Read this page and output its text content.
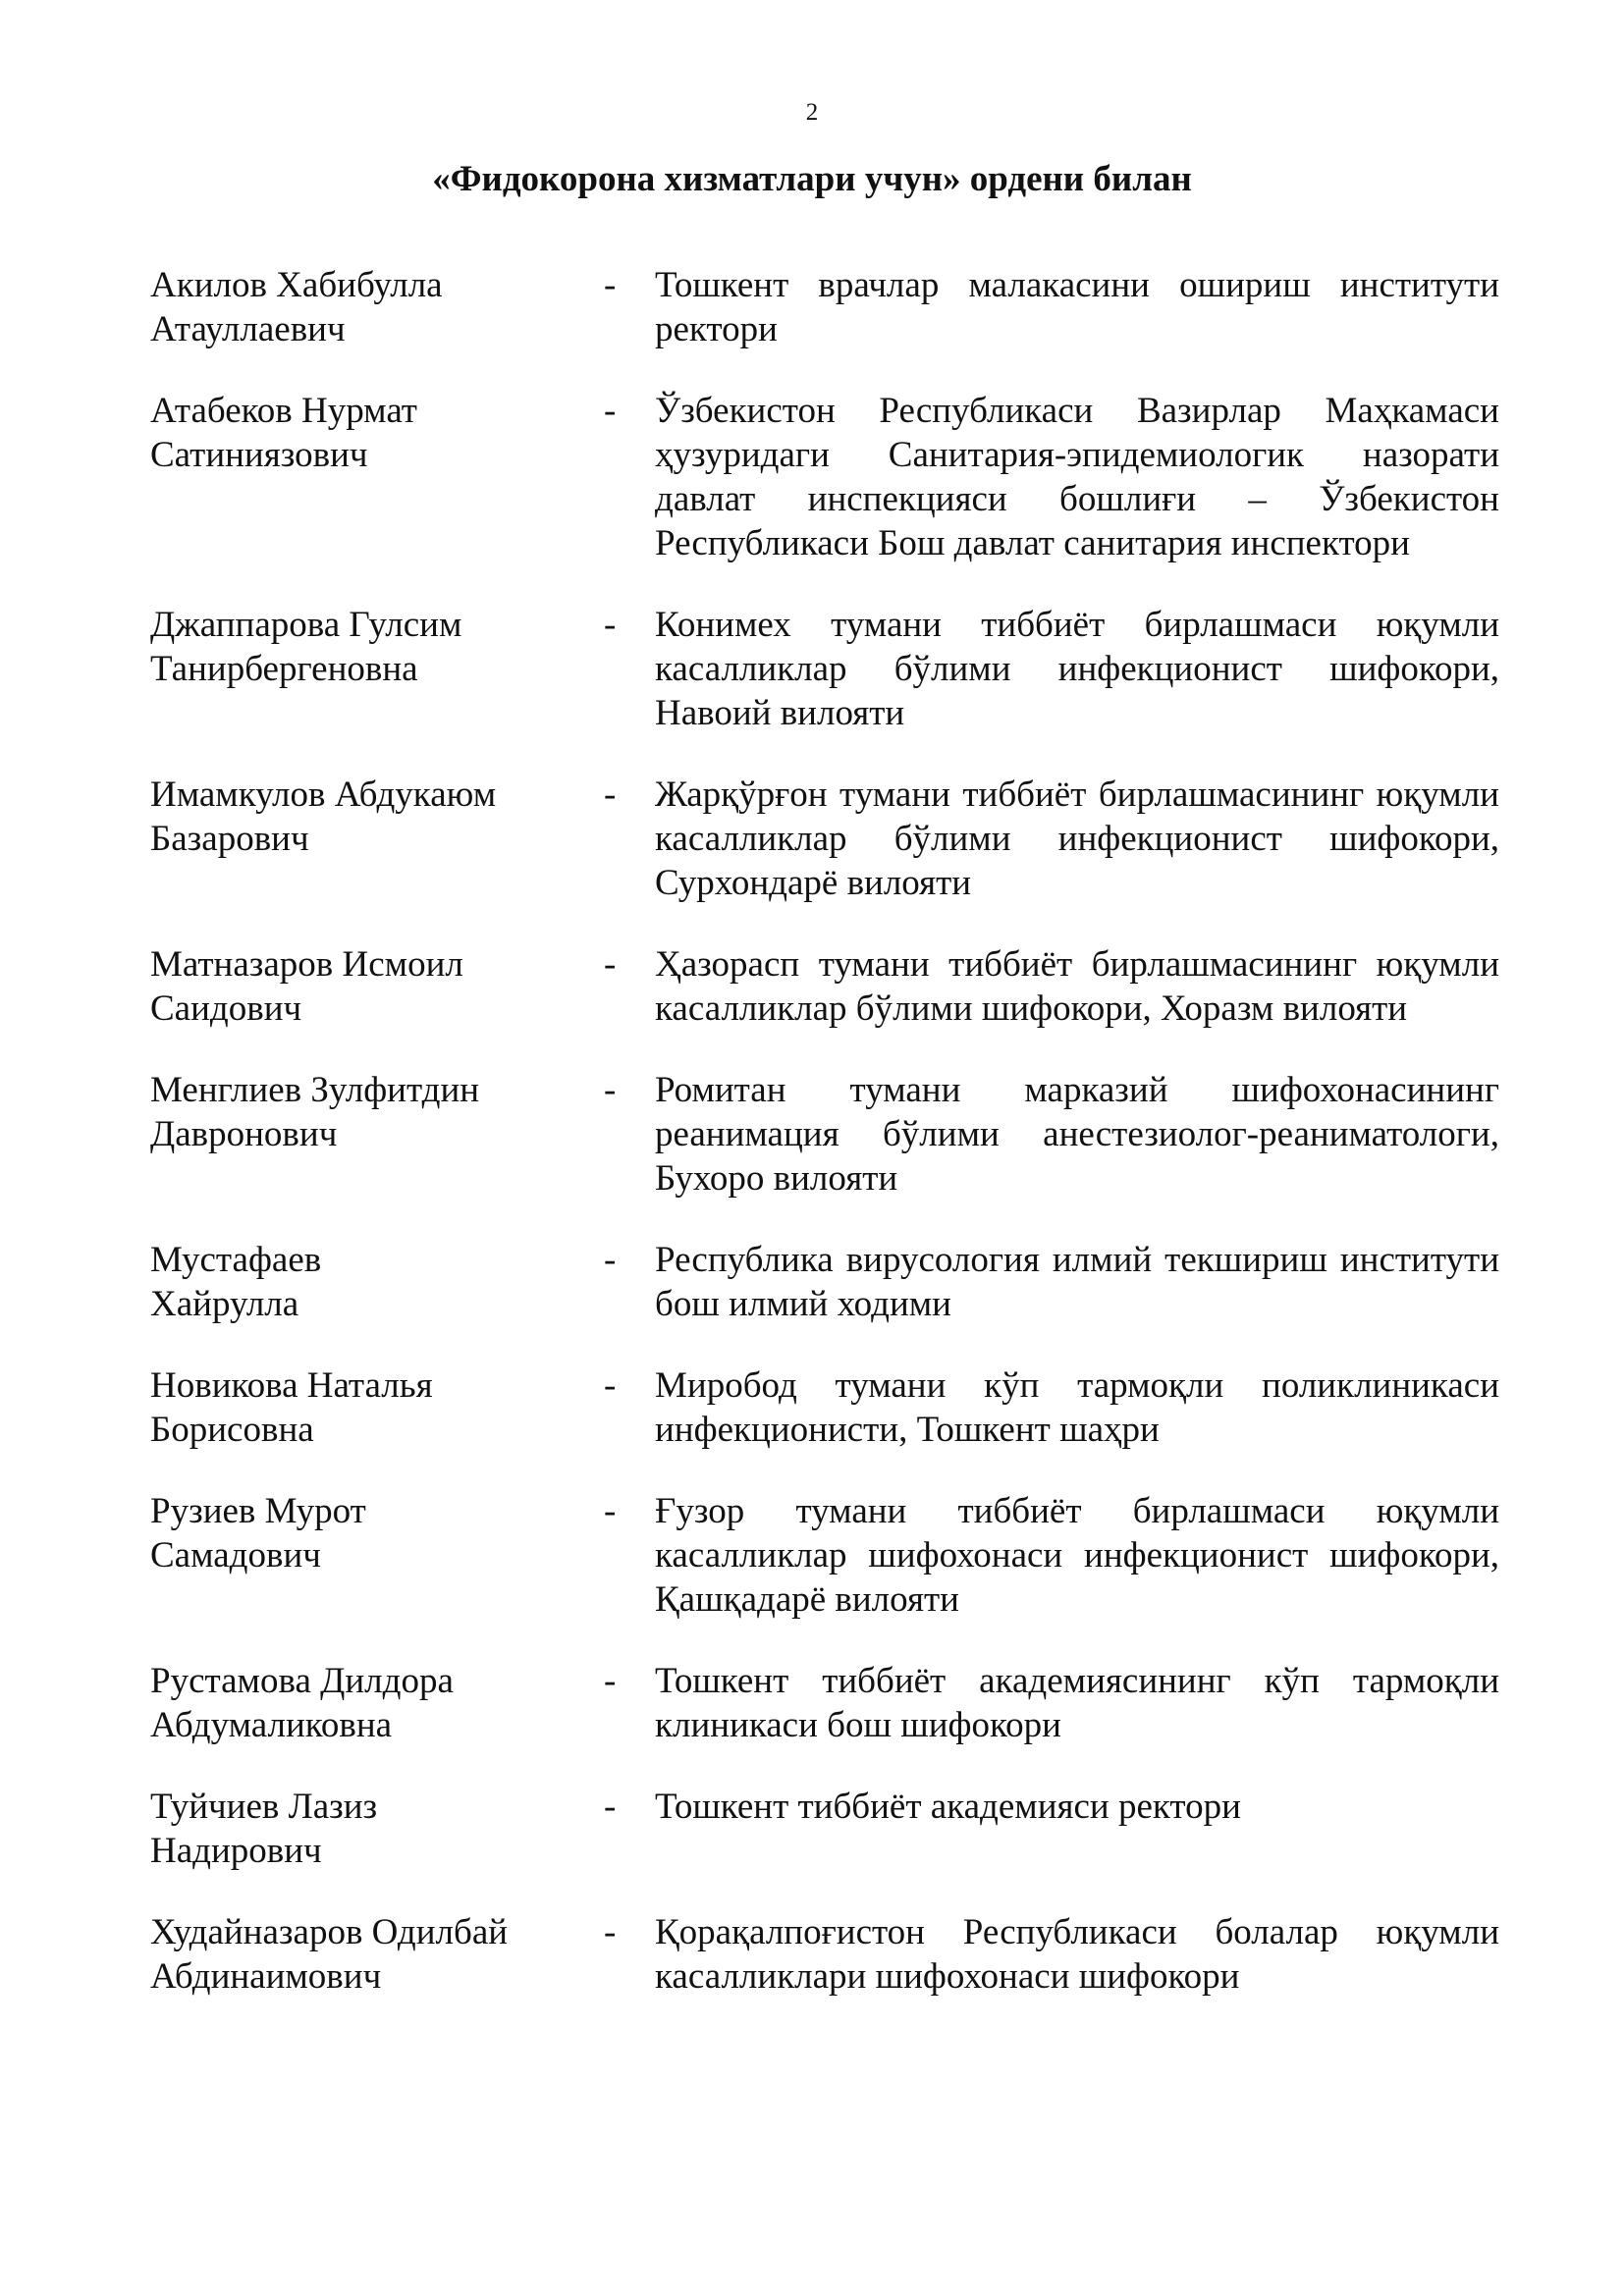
2
«Фидокорона хизматлари учун» ордени билан
Акилов Хабибулла
Атауллаевич
-	Тошкент врачлар малакасини ошириш институти ректори
Атабеков Нурмат
Сатиниязович
-	Ўзбекистон Республикаси Вазирлар Маҳкамаси ҳузуридаги Санитария-эпидемиологик назорати давлат инспекцияси бошлиғи – Ўзбекистон Республикаси Бош давлат санитария инспектори
Джаппарова Гулсим
Танирбергеновна
-	Конимех тумани тиббиёт бирлашмаси юқумли касалликлар бўлими инфекционист шифокори, Навоий вилояти
Имамкулов Абдукаюм
Базарович
-	Жарқўрғон тумани тиббиёт бирлашмасининг юқумли касалликлар бўлими инфекционист шифокори, Сурхондарё вилояти
Матназаров Исмоил
Саидович
-	Ҳазорасп тумани тиббиёт бирлашмасининг юқумли касалликлар бўлими шифокори, Хоразм вилояти
Менглиев Зулфитдин
Давронович
-	Ромитан тумани марказий шифохонасининг реанимация бўлими анестезиолог-реаниматологи, Бухоро вилояти
Мустафаев
Хайрулла
-	Республика вирусология илмий текшириш институти бош илмий ходими
Новикова Наталья
Борисовна
-	Миробод тумани кўп тармоқли поликлиникаси инфекционисти, Тошкент шаҳри
Рузиев Мурот
Самадович
-	Ғузор тумани тиббиёт бирлашмаси юқумли касалликлар шифохонаси инфекционист шифокори, Қашқадарё вилояти
Рустамова Дилдора
Абдумаликовна
-	Тошкент тиббиёт академиясининг кўп тармоқли клиникаси бош шифокори
Туйчиев Лазиз
Надирович
-	Тошкент тиббиёт академияси ректори
Худайназаров Одилбай
Абдинаимович
-	Қорақалпоғистон Республикаси болалар юқумли касалликлари шифохонаси шифокори
